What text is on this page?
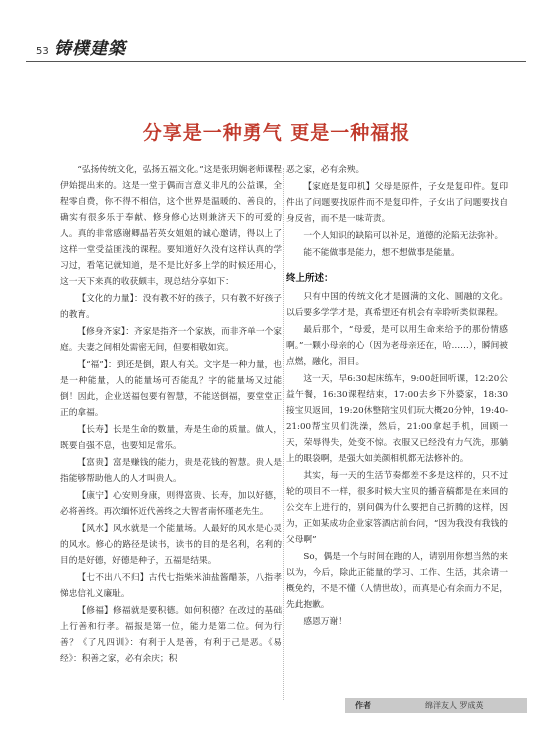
53 铸樸建築
分享是一种勇气 更是一种福报

“弘扬传统文化，弘扬五福文化。”这是张玥娴老师课程伊始提出来的。这是一堂于偶而言意义非凡的公益课，全程零自费，你不得不相信，这个世界是温暖的、善良的，确实有很多乐于奉献、修身修心达则兼济天下的可爱的人。真的非常感谢卿晶若英女姐姐的诚心邀请，得以上了这样一堂受益匪浅的课程。要知道好久没有这样认真的学习过，看笔记就知道，是不是比好多上学的时候还用心，这一天下来真的收获颇丰，现总结分享如下：

【文化的力量】：没有教不好的孩子，只有教不好孩子的教育。

【修身齐家】：齐家是指齐一个家族，而非齐单一个家庭。夫妻之间相处需密无间，但要相敬如宾。

【“福”】：到还是倒，跟人有关。文字是一种力量，也是一种能量，人的能量场可否能乱？字的能量场又过能倒！因此，企业送福包要有智慧，不能送倒福，要堂堂正正的拿福。

【长寿】长是生命的数量，寿是生命的质量。做人，既要自强不息，也要知足常乐。

【富贵】富是赚钱的能力，贵是花钱的智慧。贵人是指能够帮助他人的人才叫贵人。

【康宁】心安则身康，则得富贵、长寿，加以好德，必将善终。再次缅怀近代善终之大智者南怀瑾老先生。

【风水】风水就是一个能量场。人最好的风水是心灵的风水。修心的路径是读书，读书的目的是名利，名利的目的是好德，好德是种子，五福是结果。

【七不出八不归】古代七指柴米油盐酱醋茶，八指孝悌忠信礼义廉耻。

【修福】修福就是要积德。如何积德？在改过的基础上行善和行孝。福报是第一位，能力是第二位。何为行善？《了凡四训》：有利于人是善，有利于己是恶。《易经》：积善之家，必有余庆；积

恶之家，必有余殃。

【家庭是复印机】父母是原件，子女是复印件。复印件出了问题要找原件而不是复印件，子女出了问题要找自身反省，而不是一味苛责。

一个人知识的缺陷可以补足，道德的沦陷无法弥补。

能不能做事是能力，想不想做事是能量。

终上所述：

只有中国的传统文化才是圆满的文化、圆融的文化。以后要多学学才是，真希望还有机会有幸聆听类似课程。

最后那个，“母爱，是可以用生命来给予的那份情感啊。”一颗小母亲的心（因为老母亲还在，哈……），瞬间被点燃，融化，泪目。

这一天，早6:30起床练车，9:00赶回听课，12:20公益午餐，16:30课程结束，17:00去乡下外婆家，18:30接宝贝返回，19:20休整陪宝贝们玩大概20分钟，19:40-21:00帮宝贝们洗澡，然后，21:00拿起手机，回顾一天，荣辱得失，处变不惊。衣服又已经没有力气洗，那躺上的眼袋啊，是强大如美颜相机都无法修补的。

其实，每一天的生活节奏都差不多是这样的，只不过轮的项目不一样，很多时候大宝贝的播音稿都是在来回的公交车上进行的，别问偶为什么要把自己折腾的这样，因为，正如某成功企业家答酒店前台问，“因为我没有我钱的父母啊”

So，偶是一个与时间在跑的人，请别用你想当然的来以为，今后，除此正能量的学习、工作、生活，其余请一概免约，不是不懂（人情世故），而真是心有余而力不足，先此抱歉。

感恩万谢！

作者	绵洋友人 罗成英
